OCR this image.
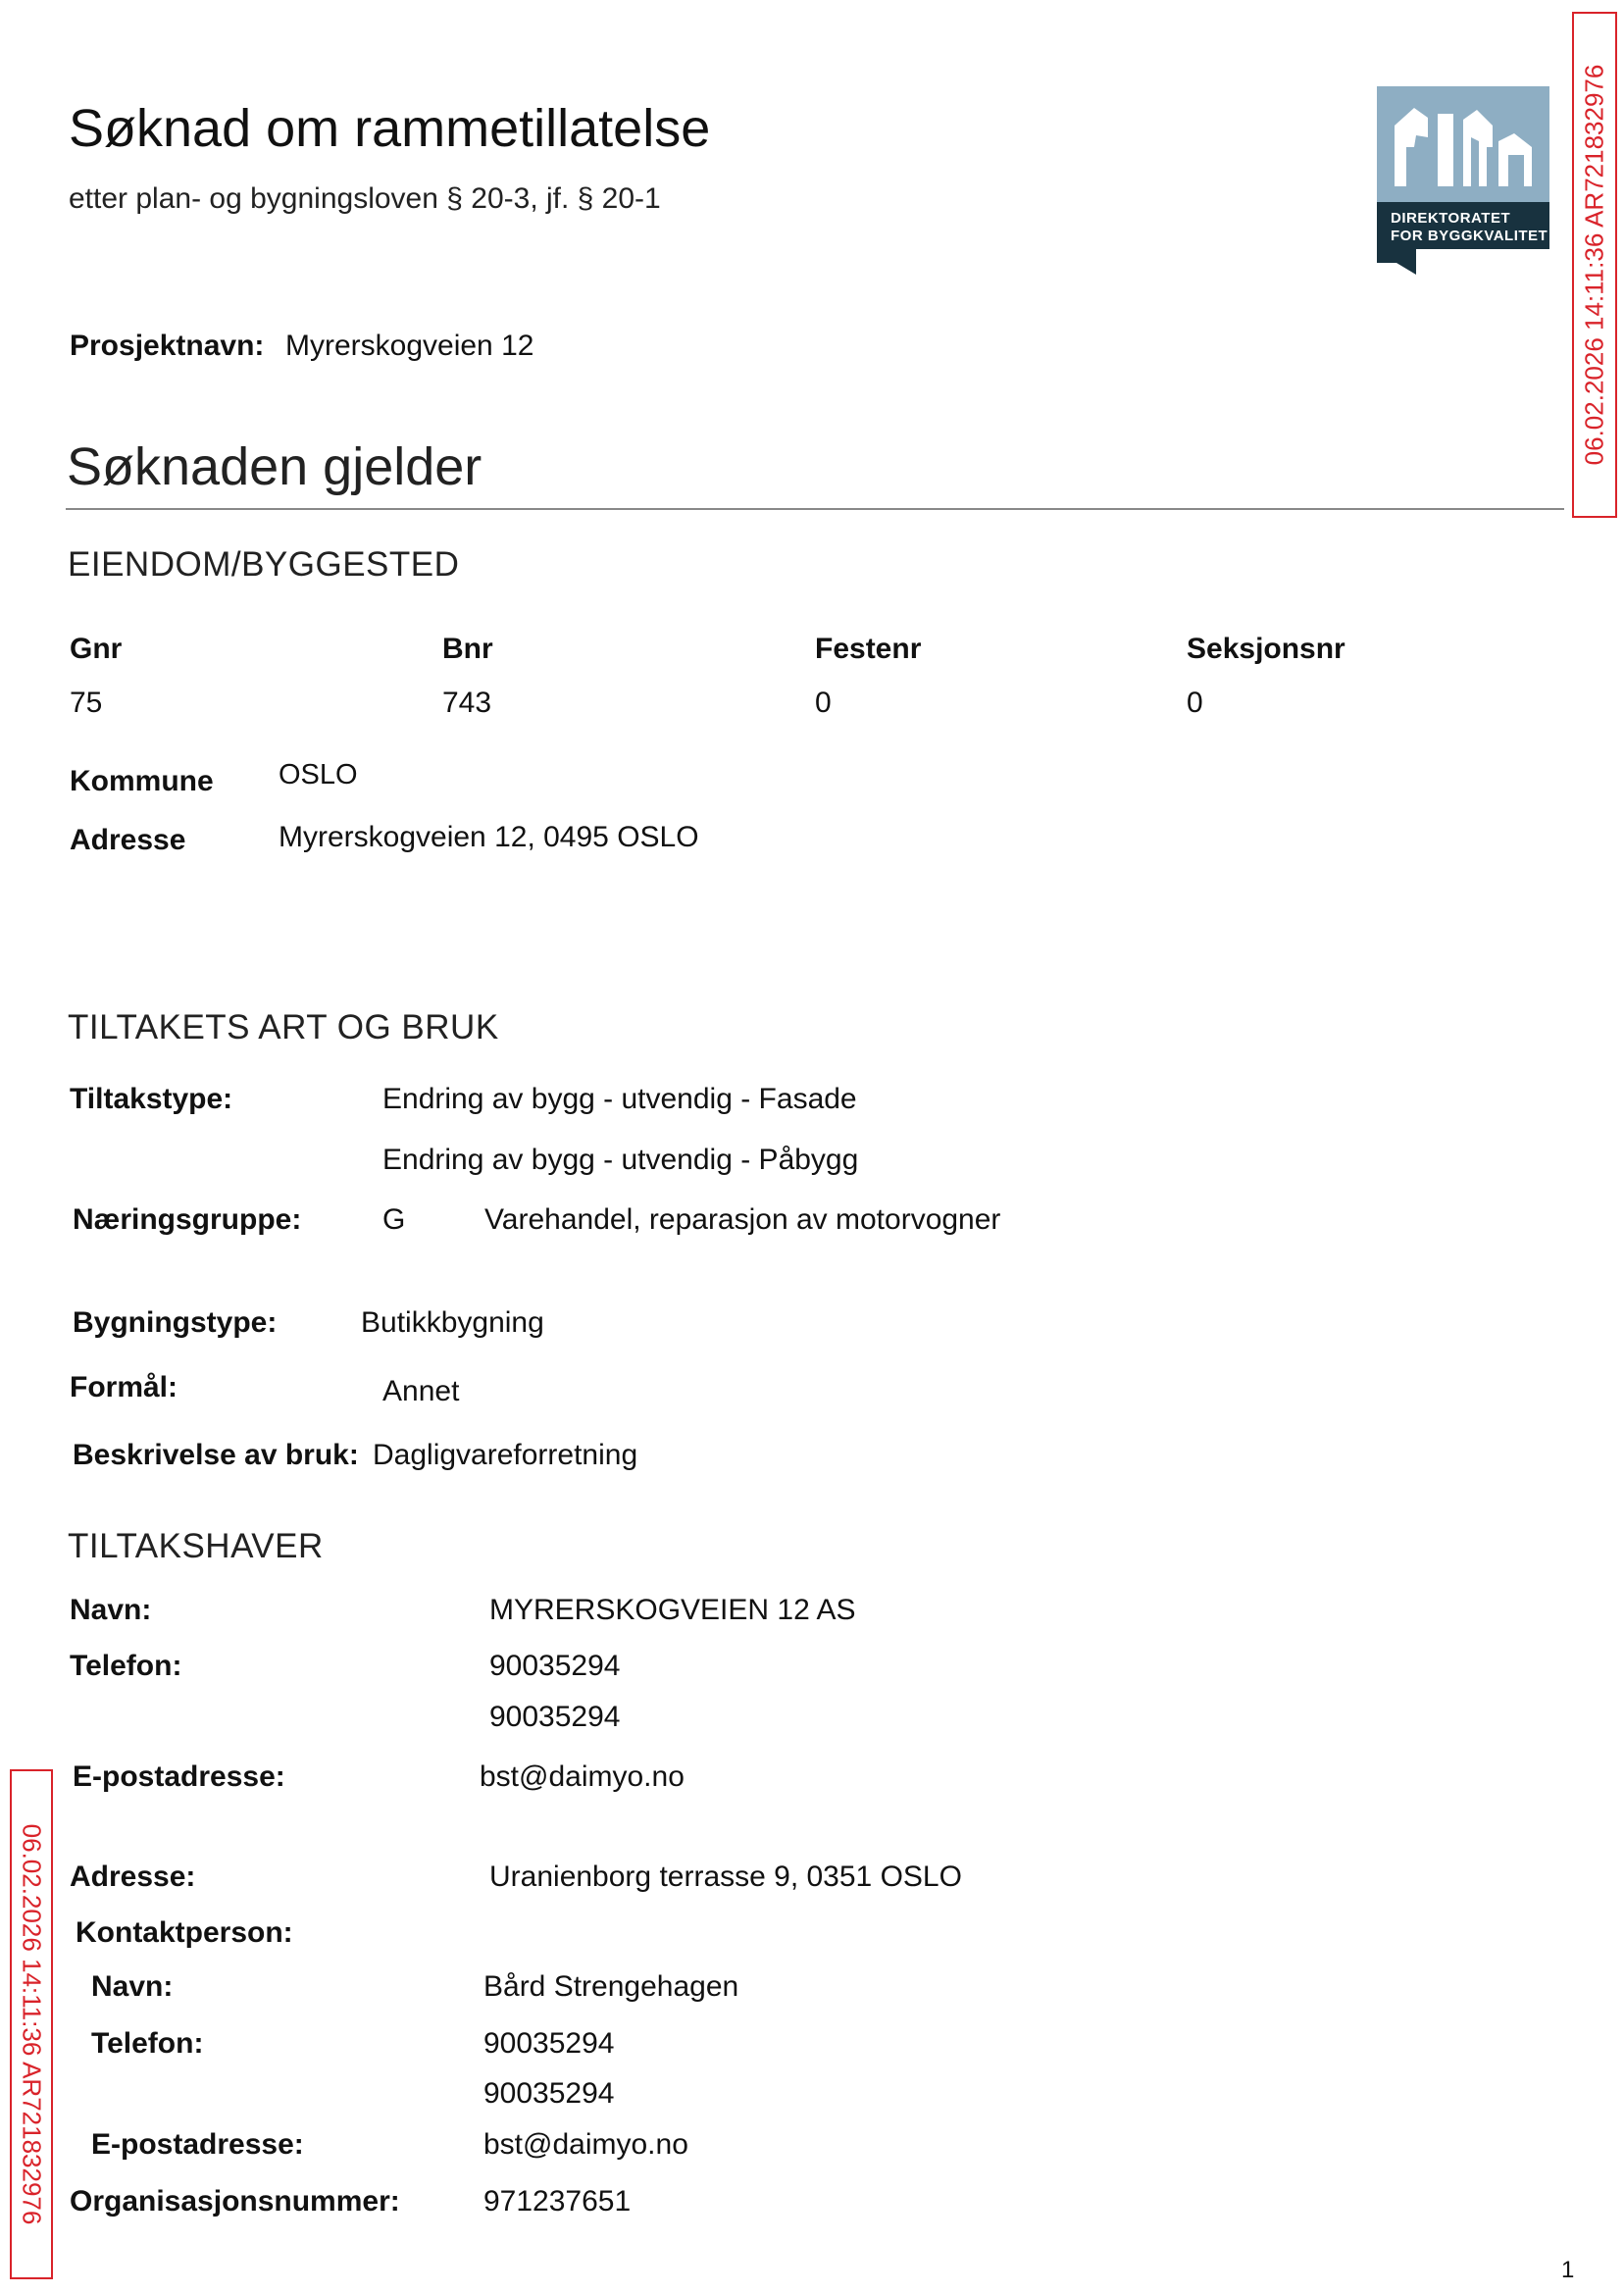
Søknad om rammetillatelse
etter plan- og bygningsloven § 20-3, jf. § 20-1
DIREKTORATET
FOR BYGGKVALITET 06.02.2026 14:11:36 AR721832976
06.02.2026 14:11:36 AR721832976
Prosjektnavn: Myrerskogveien 12
Søknaden gjelder
EIENDOM/BYGGESTED
Gnr	Bnr	Festenr	Seksjonsnr
75	743	0	0
Kommune OSLO
Adresse	Myrerskogveien 12, 0495 OSLO
TILTAKETS ART OG BRUK
Tiltakstype:	Endring av bygg - utvendig - Fasade
Endring av bygg - utvendig - Påbygg
Næringsgruppe:	G	Varehandel, reparasjon av motorvogner
Bygningstype:	Butikkbygning
Formål:	Annet
Beskrivelse av bruk: Dagligvareforretning
TILTAKSHAVER
Navn:	MYRERSKOGVEIEN 12 AS
Telefon:	90035294
90035294
E-postadresse:	bst@daimyo.no
Adresse:	Uranienborg terrasse 9, 0351 OSLO
Kontaktperson:
Navn:	Bård Strengehagen
Telefon:	90035294
90035294
E-postadresse:	bst@daimyo.no
Organisasjonsnummer:	971237651
1
